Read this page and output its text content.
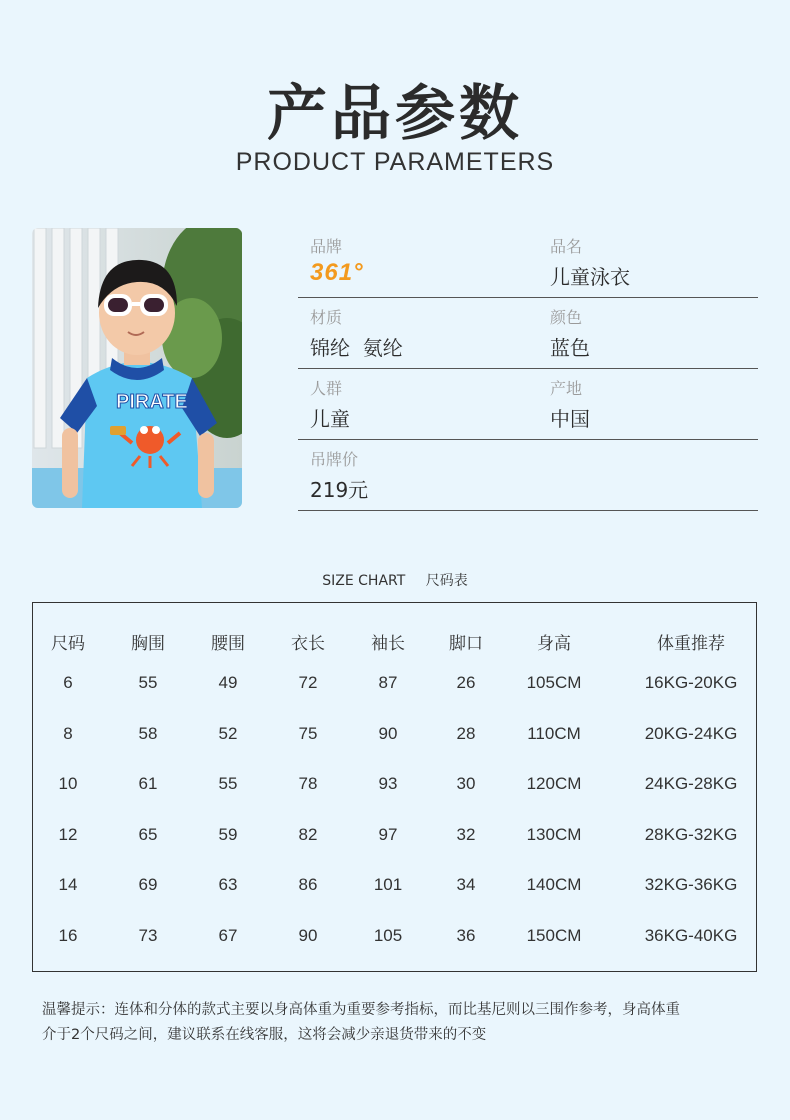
产品参数
PRODUCT PARAMETERS
PIRATE
品牌
361°
品名
儿童泳衣
材质
锦纶  氨纶
颜色
蓝色
人群
儿童
产地
中国
吊牌价
219元
SIZE CHART 尺码表
尺码	胸围	腰围	衣长	袖长	脚口	身高	体重推荐
6	55	49	72	87	26	105CM	16KG-20KG
8	58	52	75	90	28	110CM	20KG-24KG
10	61	55	78	93	30	120CM	24KG-28KG
12	65	59	82	97	32	130CM	28KG-32KG
14	69	63	86	101	34	140CM	32KG-36KG
16	73	67	90	105	36	150CM	36KG-40KG
温馨提示：连体和分体的款式主要以身高体重为重要参考指标，而比基尼则以三围作参考，身高体重
介于2个尺码之间，建议联系在线客服，这将会减少亲退货带来的不变
